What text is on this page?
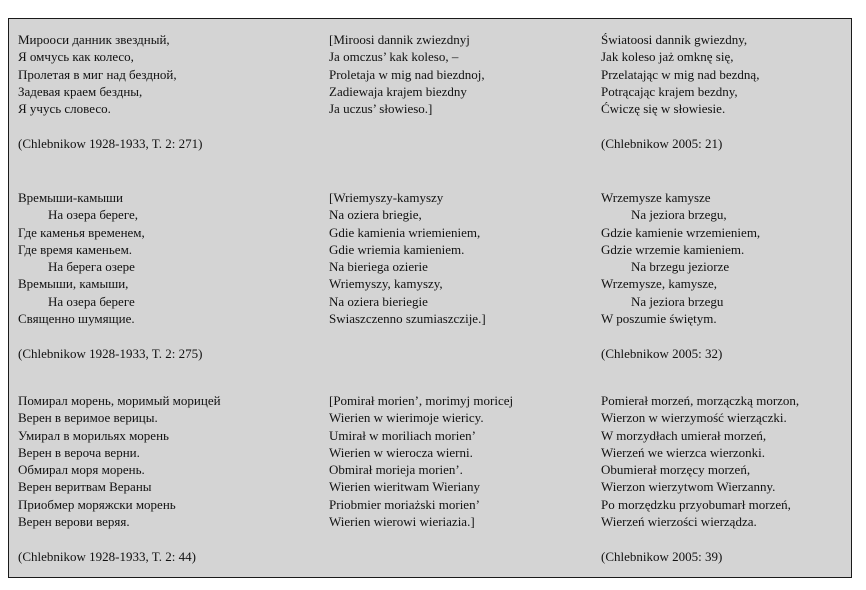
Мирооси данник звездный,
Я омчусь как колесо,
Пролетая в миг над бездной,
Задевая краем бездны,
Я учусь словесо.
(Chlebnikow 1928-1933, T. 2: 271)
[Miroosi dannik zwiezdnyj
Ja omczus’ kak koleso, –
Proletaja w mig nad biezdnoj,
Zadiewaja krajem biezdny
Ja uczus’ słowieso.]
Światoosi dannik gwiezdny,
Jak koleso jaż omknę się,
Przelatając w mig nad bezdną,
Potrącając krajem bezdny,
Ćwiczę się w słowiesie.
(Chlebnikow 2005: 21)
Времыши-камыши
На озера береге,
Где каменья временем,
Где время каменьем.
На берега озере
Времыши, камыши,
На озера береге
Священно шумящие.
(Chlebnikow 1928-1933, T. 2: 275)
[Wriemyszy-kamyszy
Na oziera briegie,
Gdie kamienia wriemieniem,
Gdie wriemia kamieniem.
Na bieriega ozierie
Wriemyszy, kamyszy,
Na oziera bieriegie
Swiaszczenno szumiaszczije.]
Wrzemysze kamysze
Na jeziora brzegu,
Gdzie kamienie wrzemieniem,
Gdzie wrzemie kamieniem.
Na brzegu jeziorze
Wrzemysze, kamysze,
Na jeziora brzegu
W poszumie świętym.
(Chlebnikow 2005: 32)
Помирал морень, моримый морицей
Верен в веримое верицы.
Умирал в морильях морень
Верен в вероча верни.
Обмирал моря морень.
Верен веритвам Вераны
Приобмер моряжски морень
Верен верови веряя.
(Chlebnikow 1928-1933, T. 2: 44)
[Pomirał morien’, morimyj moricej
Wierien w wierimoje wiericy.
Umirał w moriliach morien’
Wierien w wierocza wierni.
Obmirał morieja morien’.
Wierien wieritwam Wieriany
Priobmier moriażski morien’
Wierien wierowi wieriazia.]
Pomierał morzeń, morzączką morzon,
Wierzon w wierzymość wierzączki.
W morzydłach umierał morzeń,
Wierzeń we wierzca wierzonki.
Obumierał morzęcy morzeń,
Wierzon wierzytwom Wierzanny.
Po morzędzku przyobumarł morzeń,
Wierzeń wierzości wierządza.
(Chlebnikow 2005: 39)
